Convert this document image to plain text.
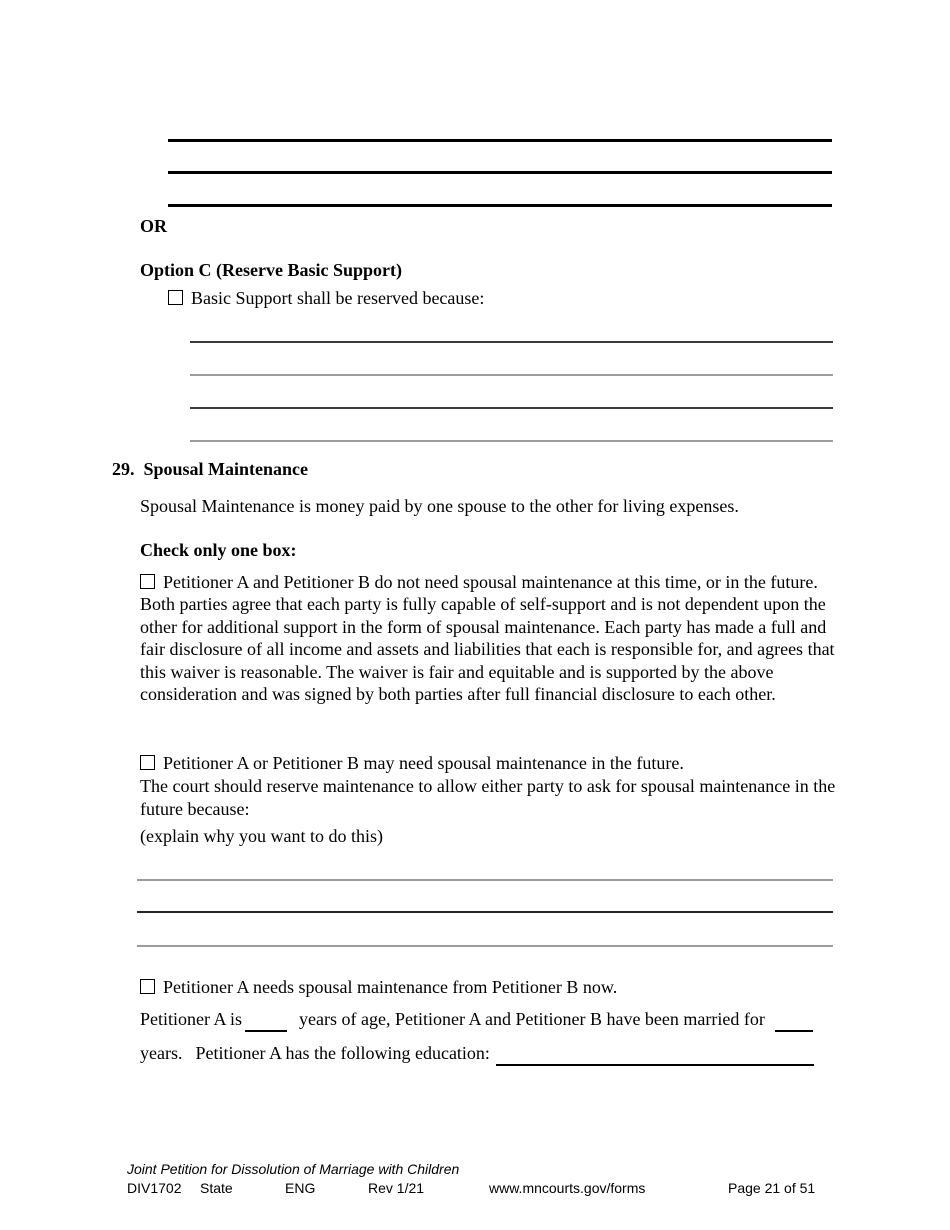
OR
Option C (Reserve Basic Support)
Basic Support shall be reserved because:
29. Spousal Maintenance
Spousal Maintenance is money paid by one spouse to the other for living expenses.
Check only one box:
Petitioner A and Petitioner B do not need spousal maintenance at this time, or in the future. Both parties agree that each party is fully capable of self-support and is not dependent upon the other for additional support in the form of spousal maintenance. Each party has made a full and fair disclosure of all income and assets and liabilities that each is responsible for, and agrees that this waiver is reasonable. The waiver is fair and equitable and is supported by the above consideration and was signed by both parties after full financial disclosure to each other.
Petitioner A or Petitioner B may need spousal maintenance in the future.
The court should reserve maintenance to allow either party to ask for spousal maintenance in the future because:
(explain why you want to do this)
Petitioner A needs spousal maintenance from Petitioner B now.
Petitioner A is	years of age, Petitioner A and Petitioner B have been married for
years. Petitioner A has the following education:
Joint Petition for Dissolution of Marriage with Children
DIV1702 State	ENG	Rev 1/21	www.mncourts.gov/forms	Page 21 of 51
